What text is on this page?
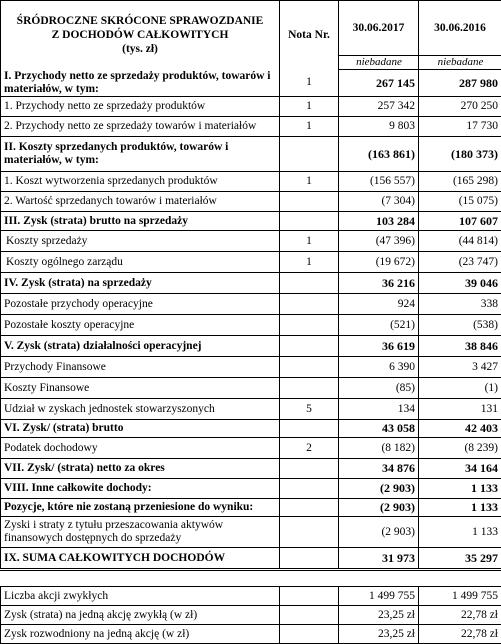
ŚRÓDROCZNE SKRÓCONE SPRAWOZDANIE
Z DOCHODÓW CAŁKOWITYCH
(tys. zł)	Nota Nr.	30.06.2017	30.06.2016
		niebadane	niebadane
I. Przychody netto ze sprzedaży produktów, towarów i materiałów, w tym:	1	267 145	287 980
1. Przychody netto ze sprzedaży produktów	1	257 342	270 250
2. Przychody netto ze sprzedaży towarów i materiałów	1	9 803	17 730
II. Koszty sprzedanych produktów, towarów i materiałów, w tym:		(163 861)	(180 373)
1. Koszt wytworzenia sprzedanych produktów	1	(156 557)	(165 298)
2. Wartość sprzedanych towarów i materiałów		(7 304)	(15 075)
III. Zysk (strata) brutto na sprzedaży		103 284	107 607
Koszty sprzedaży	1	(47 396)	(44 814)
Koszty ogólnego zarządu	1	(19 672)	(23 747)
IV. Zysk (strata) na sprzedaży		36 216	39 046
Pozostałe przychody operacyjne		924	338
Pozostałe koszty operacyjne		(521)	(538)
V. Zysk (strata) działalności operacyjnej		36 619	38 846
Przychody Finansowe		6 390	3 427
Koszty Finansowe		(85)	(1)
Udział w zyskach jednostek stowarzyszonych	5	134	131
VI. Zysk/ (strata) brutto		43 058	42 403
Podatek dochodowy	2	(8 182)	(8 239)
VII. Zysk/ (strata) netto za okres		34 876	34 164
VIII. Inne całkowite dochody:		(2 903)	1 133
Pozycje, które nie zostaną przeniesione do wyniku:		(2 903)	1 133
Zyski i straty z tytułu przeszacowania aktywów finansowych dostępnych do sprzedaży		(2 903)	1 133
IX. SUMA CAŁKOWITYCH DOCHODÓW		31 973	35 297

Liczba akcji zwykłych		1 499 755	1 499 755
Zysk (strata) na jedną akcję zwykłą (w zł)		23,25 zł	22,78 zł
Zysk rozwodniony na jedną akcję (w zł)		23,25 zł	22,78 zł
